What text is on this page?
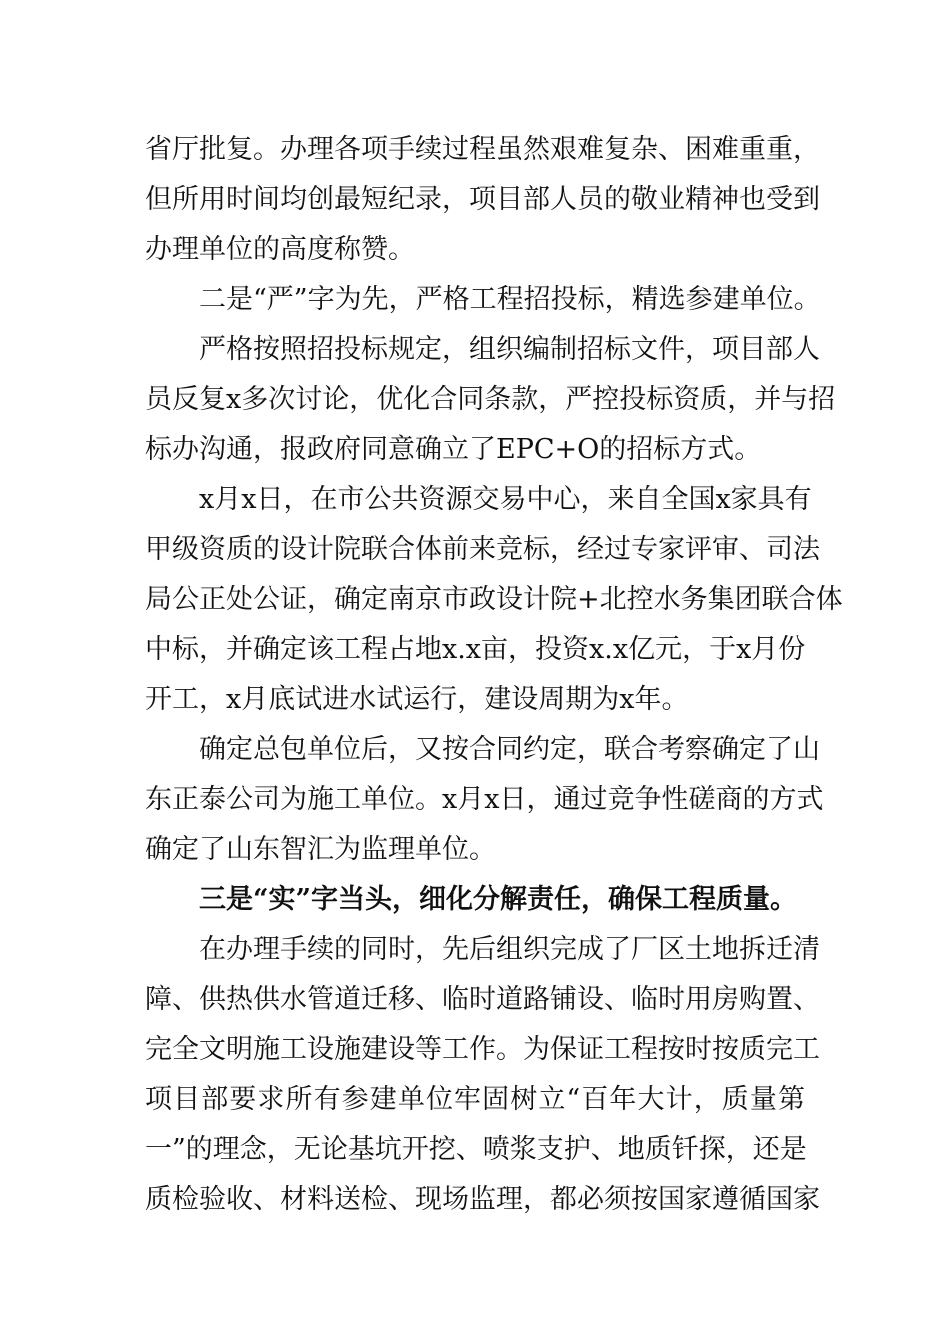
省厅批复。办理各项手续过程虽然艰难复杂、困难重重，
但所用时间均创最短纪录，项目部人员的敬业精神也受到
办理单位的高度称赞。
二是“严”字为先，严格工程招投标，精选参建单位。
严格按照招投标规定，组织编制招标文件，项目部人
员反复x多次讨论，优化合同条款，严控投标资质，并与招
标办沟通，报政府同意确立了EPC+O的招标方式。
x月x日，在市公共资源交易中心，来自全国x家具有
甲级资质的设计院联合体前来竞标，经过专家评审、司法
局公正处公证，确定南京市政设计院+北控水务集团联合体
中标，并确定该工程占地x.x亩，投资x.x亿元，于x月份
开工，x月底试进水试运行，建设周期为x年。
确定总包单位后，又按合同约定，联合考察确定了山
东正泰公司为施工单位。x月x日，通过竞争性磋商的方式
确定了山东智汇为监理单位。
三是“实”字当头，细化分解责任，确保工程质量。
在办理手续的同时，先后组织完成了厂区土地拆迁清
障、供热供水管道迁移、临时道路铺设、临时用房购置、
完全文明施工设施建设等工作。为保证工程按时按质完工
项目部要求所有参建单位牢固树立“百年大计，质量第
一”的理念，无论基坑开挖、喷浆支护、地质钎探，还是
质检验收、材料送检、现场监理，都必须按国家遵循国家
